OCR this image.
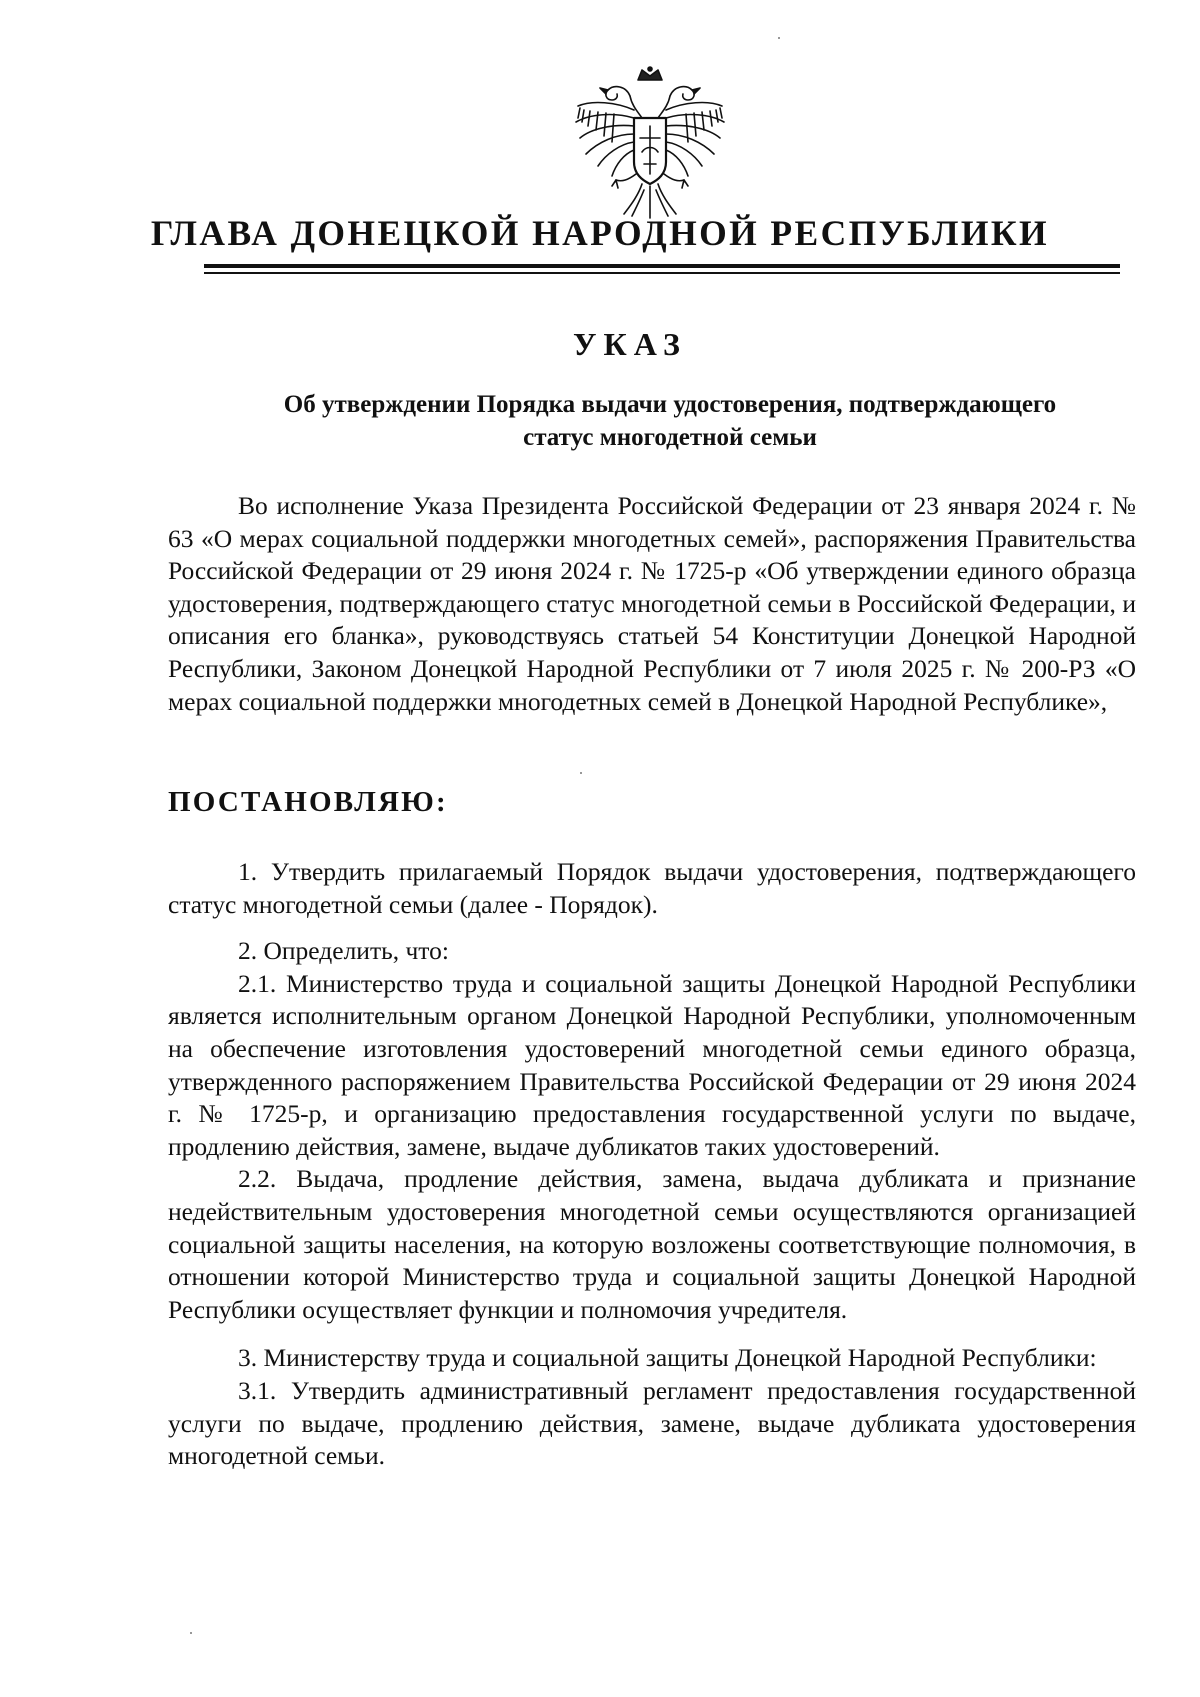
ГЛАВА ДОНЕЦКОЙ НАРОДНОЙ РЕСПУБЛИКИ
УКАЗ
Об утверждении Порядка выдачи удостоверения, подтверждающего
статус многодетной семьи

Во исполнение Указа Президента Российской Федерации от 23 января 2024 г. № 63 «О мерах социальной поддержки многодетных семей», распоряжения Правительства Российской Федерации от 29 июня 2024 г. № 1725-р «Об утверждении единого образца удостоверения, подтверждающего статус многодетной семьи в Российской Федерации, и описания его бланка», руководствуясь статьей 54 Конституции Донецкой Народной Республики, Законом Донецкой Народной Республики от 7 июля 2025 г. № 200-РЗ «О мерах социальной поддержки многодетных семей в Донецкой Народной Республике»,

ПОСТАНОВЛЯЮ:

1. Утвердить прилагаемый Порядок выдачи удостоверения, подтверждающего статус многодетной семьи (далее - Порядок).

2. Определить, что:

2.1. Министерство труда и социальной защиты Донецкой Народной Республики является исполнительным органом Донецкой Народной Республики, уполномоченным на обеспечение изготовления удостоверений многодетной семьи единого образца, утвержденного распоряжением Правительства Российской Федерации от 29 июня 2024 г. № 1725-р, и организацию предоставления государственной услуги по выдаче, продлению действия, замене, выдаче дубликатов таких удостоверений.

2.2. Выдача, продление действия, замена, выдача дубликата и признание недействительным удостоверения многодетной семьи осуществляются организацией социальной защиты населения, на которую возложены соответствующие полномочия, в отношении которой Министерство труда и социальной защиты Донецкой Народной Республики осуществляет функции и полномочия учредителя.

3. Министерству труда и социальной защиты Донецкой Народной Республики:

3.1. Утвердить административный регламент предоставления государственной услуги по выдаче, продлению действия, замене, выдаче дубликата удостоверения многодетной семьи.
